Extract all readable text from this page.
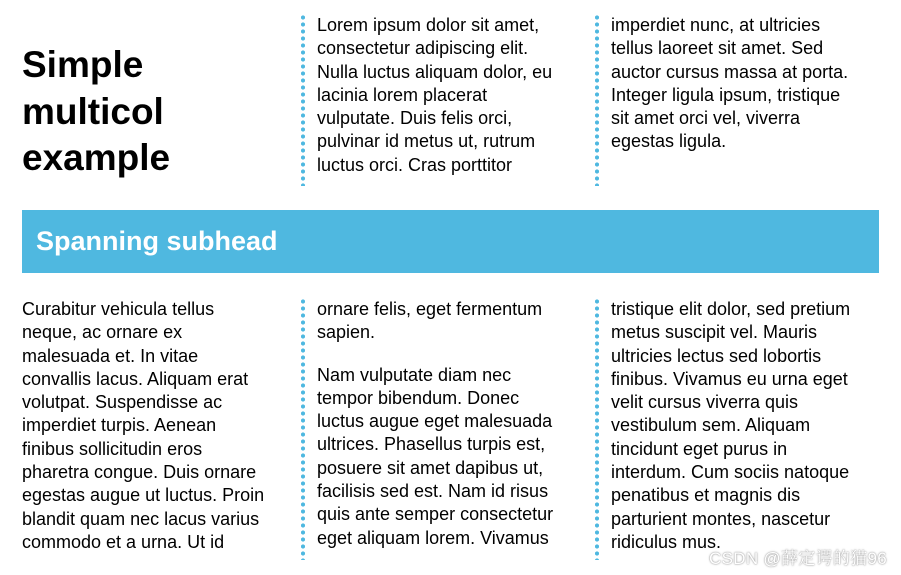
Simple
multicol
example

Lorem ipsum dolor sit amet,
consectetur adipiscing elit.
Nulla luctus aliquam dolor, eu
lacinia lorem placerat
vulputate. Duis felis orci,
pulvinar id metus ut, rutrum
luctus orci. Cras porttitor

imperdiet nunc, at ultricies
tellus laoreet sit amet. Sed
auctor cursus massa at porta.
Integer ligula ipsum, tristique
sit amet orci vel, viverra
egestas ligula.

Spanning subhead

Curabitur vehicula tellus
neque, ac ornare ex
malesuada et. In vitae
convallis lacus. Aliquam erat
volutpat. Suspendisse ac
imperdiet turpis. Aenean
finibus sollicitudin eros
pharetra congue. Duis ornare
egestas augue ut luctus. Proin
blandit quam nec lacus varius
commodo et a urna. Ut id

ornare felis, eget fermentum
sapien.

Nam vulputate diam nec
tempor bibendum. Donec
luctus augue eget malesuada
ultrices. Phasellus turpis est,
posuere sit amet dapibus ut,
facilisis sed est. Nam id risus
quis ante semper consectetur
eget aliquam lorem. Vivamus

tristique elit dolor, sed pretium
metus suscipit vel. Mauris
ultricies lectus sed lobortis
finibus. Vivamus eu urna eget
velit cursus viverra quis
vestibulum sem. Aliquam
tincidunt eget purus in
interdum. Cum sociis natoque
penatibus et magnis dis
parturient montes, nascetur
ridiculus mus.

CSDN @薛定谔的猫96
